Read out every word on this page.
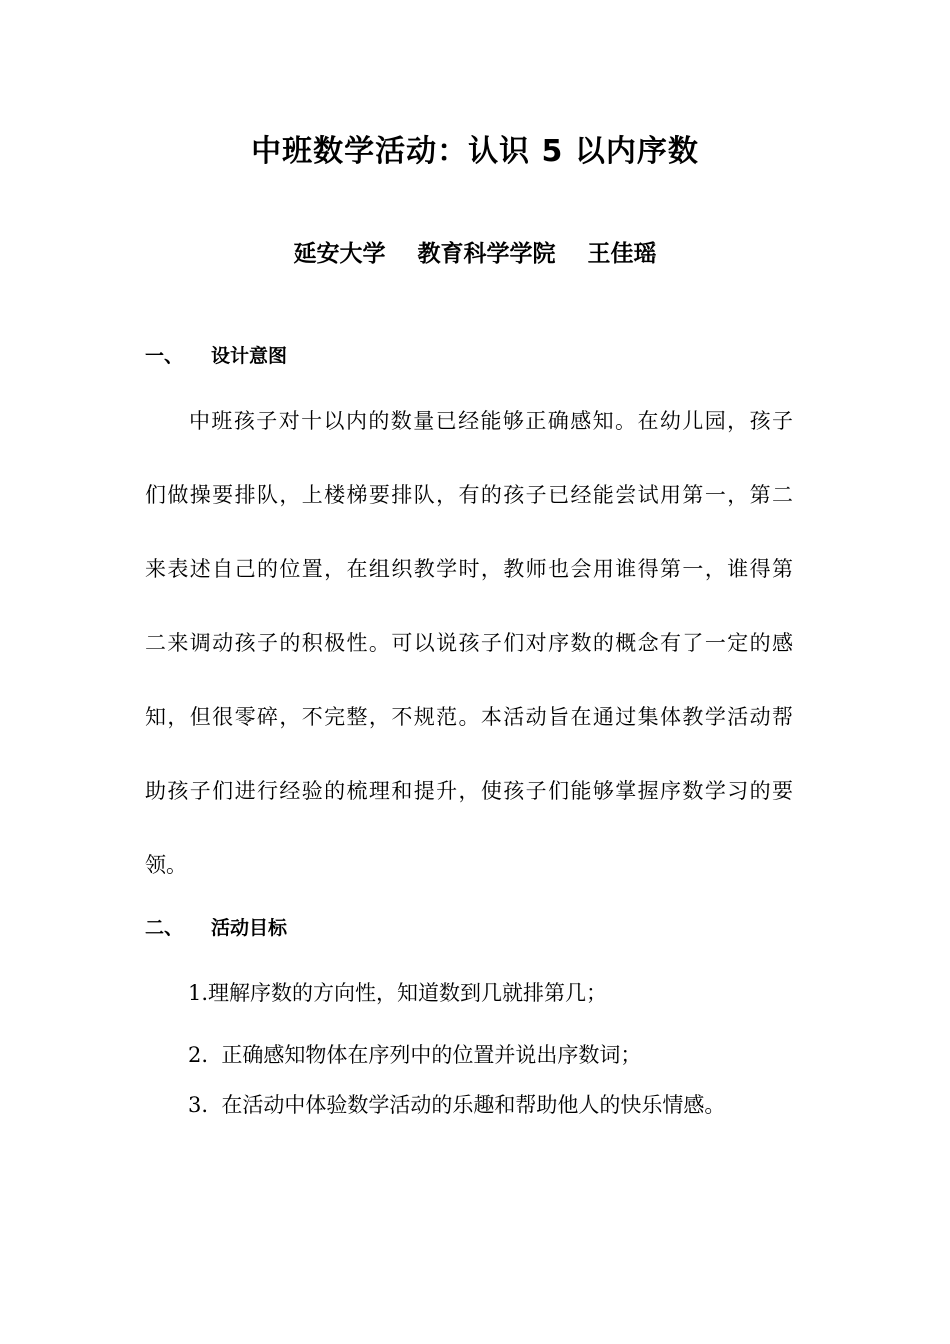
中班数学活动：认识 5 以内序数
延安大学    教育科学学院    王佳瑶
一、 设计意图
中班孩子对十以内的数量已经能够正确感知。在幼儿园，孩子
们做操要排队，上楼梯要排队，有的孩子已经能尝试用第一，第二
来表述自己的位置，在组织教学时，教师也会用谁得第一，谁得第
二来调动孩子的积极性。可以说孩子们对序数的概念有了一定的感
知，但很零碎，不完整，不规范。本活动旨在通过集体教学活动帮
助孩子们进行经验的梳理和提升，使孩子们能够掌握序数学习的要
领。
二、 活动目标
1.理解序数的方向性，知道数到几就排第几；
2.  正确感知物体在序列中的位置并说出序数词；
3.  在活动中体验数学活动的乐趣和帮助他人的快乐情感。
